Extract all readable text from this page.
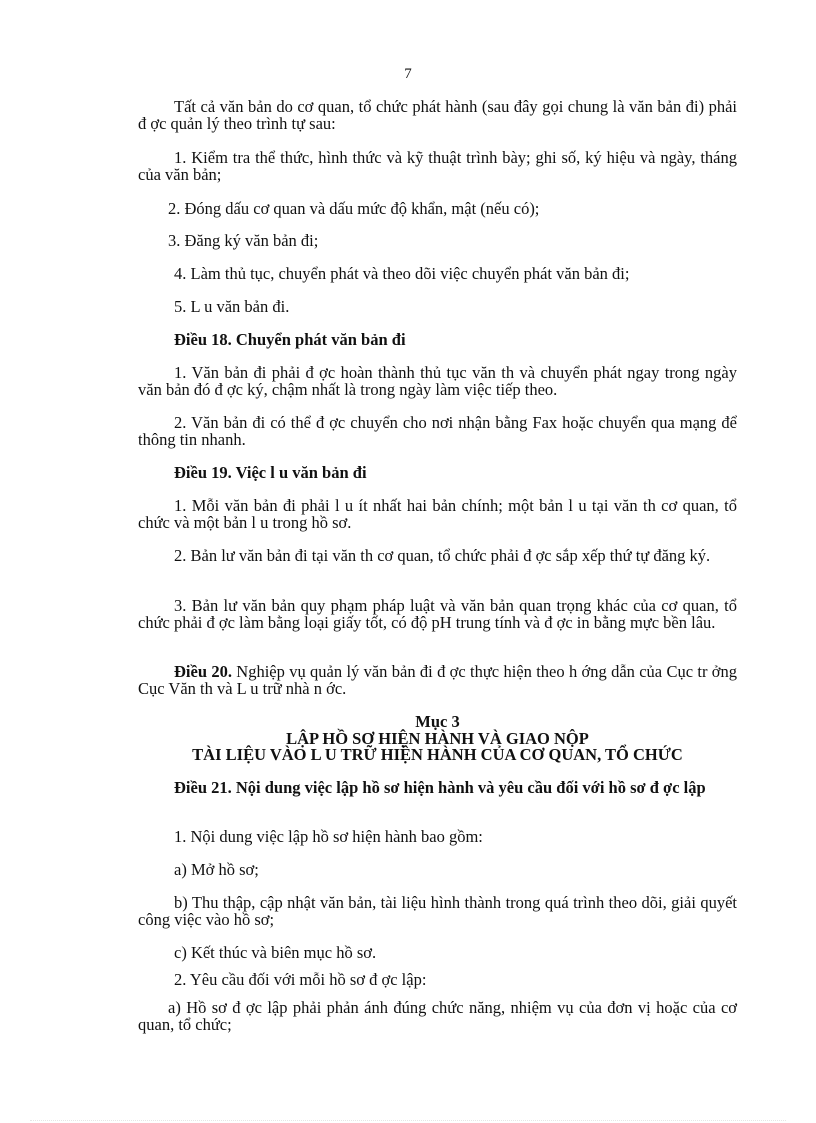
7
Tất cả văn bản do cơ quan, tổ chức phát hành (sau đây gọi chung là văn bản đi) phải đ ợc quản lý theo trình tự sau:
1. Kiểm tra thể thức, hình thức và kỹ thuật trình bày; ghi số, ký hiệu và ngày, tháng của văn bản;
2. Đóng dấu cơ quan và dấu mức độ khẩn, mật (nếu có);
3. Đăng ký văn bản đi;
4. Làm thủ tục, chuyển phát và theo dõi việc chuyển phát văn bản đi;
5. L u văn bản đi.
Điều 18. Chuyển phát văn bản đi
1. Văn bản đi phải đ ợc hoàn thành thủ tục văn th và chuyển phát ngay trong ngày văn bản đó đ ợc ký, chậm nhất là trong ngày làm việc tiếp theo.
2. Văn bản đi có thể đ ợc chuyển cho nơi nhận bằng Fax hoặc chuyển qua mạng để thông tin nhanh.
Điều 19. Việc l u văn bản đi
1. Mỗi văn bản đi phải l u ít nhất hai bản chính; một bản l u tại văn th cơ quan, tổ chức và một bản l u trong hồ sơ.
2. Bản lư văn bản đi tại văn th cơ quan, tổ chức phải đ ợc sắp xếp thứ tự đăng ký.
3. Bản lư văn bản quy phạm pháp luật và văn bản quan trọng khác của cơ quan, tổ chức phải đ ợc làm bằng loại giấy tốt, có độ pH trung tính và đ ợc in bằng mực bền lâu.
Điều 20. Nghiệp vụ quản lý văn bản đi đ ợc thực hiện theo h ớng dẫn của Cục tr ởng Cục Văn th và L u trữ nhà n ớc.
Mục 3
LẬP HỒ SƠ HIỆN HÀNH VÀ GIAO NỘP
TÀI LIỆU VÀO L U TRỮ HIỆN HÀNH CỦA CƠ QUAN, TỔ CHỨC
Điều 21. Nội dung việc lập hồ sơ hiện hành và yêu cầu đối với hồ sơ đ ợc lập
1. Nội dung việc lập hồ sơ hiện hành bao gồm:
a) Mở hồ sơ;
b) Thu thập, cập nhật văn bản, tài liệu hình thành trong quá trình theo dõi, giải quyết công việc vào hồ sơ;
c) Kết thúc và biên mục hồ sơ.
2. Yêu cầu đối với mỗi hồ sơ đ ợc lập:
a) Hồ sơ đ ợc lập phải phản ánh đúng chức năng, nhiệm vụ của đơn vị hoặc của cơ quan, tổ chức;
